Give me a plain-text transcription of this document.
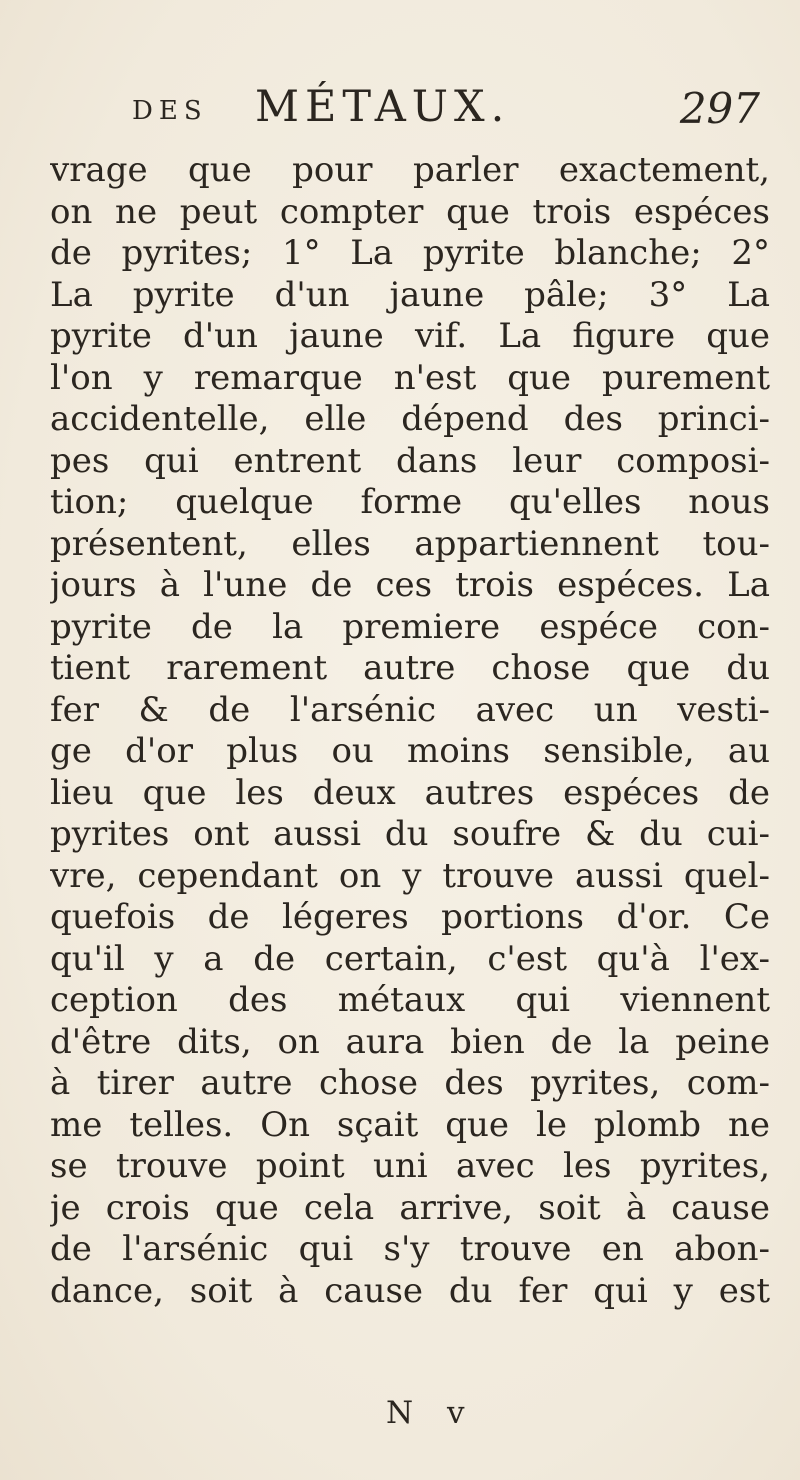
DES MÉTAUX.	297
vrage que pour parler exactement,
on ne peut compter que trois espéces
de pyrites; 1° La pyrite blanche; 2°
La pyrite d'un jaune pâle; 3° La
pyrite d'un jaune vif. La figure que
l'on y remarque n'est que purement
accidentelle, elle dépend des princi-
pes qui entrent dans leur composi-
tion; quelque forme qu'elles nous
présentent, elles appartiennent tou-
jours à l'une de ces trois espéces. La
pyrite de la premiere espéce con-
tient rarement autre chose que du
fer & de l'arsénic avec un vesti-
ge d'or plus ou moins sensible, au
lieu que les deux autres espéces de
pyrites ont aussi du soufre & du cui-
vre, cependant on y trouve aussi quel-
quefois de légeres portions d'or. Ce
qu'il y a de certain, c'est qu'à l'ex-
ception des métaux qui viennent
d'être dits, on aura bien de la peine
à tirer autre chose des pyrites, com-
me telles. On sçait que le plomb ne
se trouve point uni avec les pyrites,
je crois que cela arrive, soit à cause
de l'arsénic qui s'y trouve en abon-
dance, soit à cause du fer qui y est
N v
